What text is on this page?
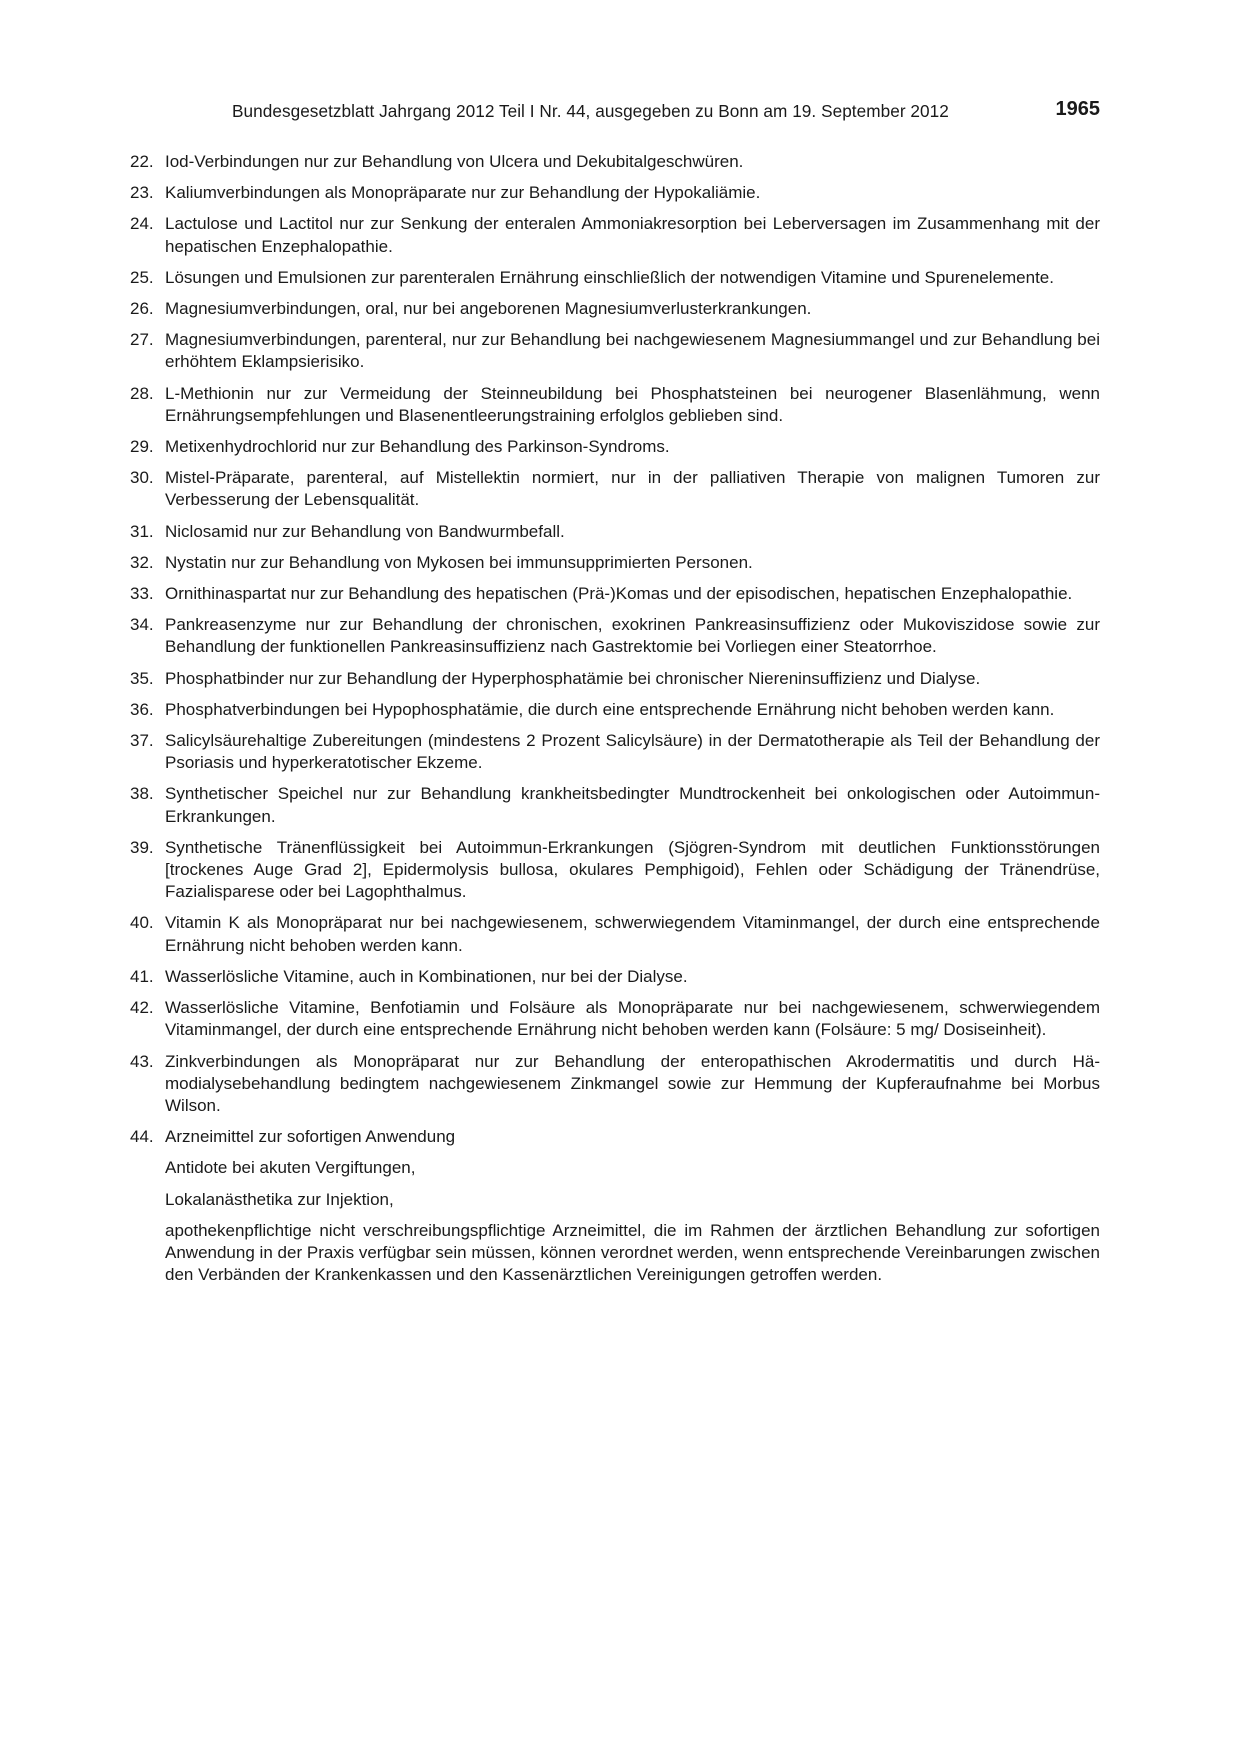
Bundesgesetzblatt Jahrgang 2012 Teil I Nr. 44, ausgegeben zu Bonn am 19. September 2012	1965
22. Iod-Verbindungen nur zur Behandlung von Ulcera und Dekubitalgeschwüren.
23. Kaliumverbindungen als Monopräparate nur zur Behandlung der Hypokaliämie.
24. Lactulose und Lactitol nur zur Senkung der enteralen Ammoniakresorption bei Leberversagen im Zusammenhang mit der hepatischen Enzephalopathie.
25. Lösungen und Emulsionen zur parenteralen Ernährung einschließlich der notwendigen Vitamine und Spurenelemente.
26. Magnesiumverbindungen, oral, nur bei angeborenen Magnesiumverlusterkrankungen.
27. Magnesiumverbindungen, parenteral, nur zur Behandlung bei nachgewiesenem Magnesiummangel und zur Behandlung bei erhöhtem Eklampsierisiko.
28. L-Methionin nur zur Vermeidung der Steinneubildung bei Phosphatsteinen bei neurogener Blasenlähmung, wenn Ernährungsempfehlungen und Blasenentleerungstraining erfolglos geblieben sind.
29. Metixenhydrochlorid nur zur Behandlung des Parkinson-Syndroms.
30. Mistel-Präparate, parenteral, auf Mistellektin normiert, nur in der palliativen Therapie von malignen Tumoren zur Verbesserung der Lebensqualität.
31. Niclosamid nur zur Behandlung von Bandwurmbefall.
32. Nystatin nur zur Behandlung von Mykosen bei immunsupprimierten Personen.
33. Ornithinaspartat nur zur Behandlung des hepatischen (Prä-)Komas und der episodischen, hepatischen Enzephalopathie.
34. Pankreasenzyme nur zur Behandlung der chronischen, exokrinen Pankreasinsuffizienz oder Mukoviszidose sowie zur Behandlung der funktionellen Pankreasinsuffizienz nach Gastrektomie bei Vorliegen einer Steatorrhoe.
35. Phosphatbinder nur zur Behandlung der Hyperphosphatämie bei chronischer Niereninsuffizienz und Dialyse.
36. Phosphatverbindungen bei Hypophosphatämie, die durch eine entsprechende Ernährung nicht behoben werden kann.
37. Salicylsäurehaltige Zubereitungen (mindestens 2 Prozent Salicylsäure) in der Dermatotherapie als Teil der Behandlung der Psoriasis und hyperkeratotischer Ekzeme.
38. Synthetischer Speichel nur zur Behandlung krankheitsbedingter Mundtrockenheit bei onkologischen oder Autoimmun-Erkrankungen.
39. Synthetische Tränenflüssigkeit bei Autoimmun-Erkrankungen (Sjögren-Syndrom mit deutlichen Funktionsstörungen [trockenes Auge Grad 2], Epidermolysis bullosa, okulares Pemphigoid), Fehlen oder Schädigung der Tränendrüse, Fazialisparese oder bei Lagophthalmus.
40. Vitamin K als Monopräparat nur bei nachgewiesenem, schwerwiegendem Vitaminmangel, der durch eine entsprechende Ernährung nicht behoben werden kann.
41. Wasserlösliche Vitamine, auch in Kombinationen, nur bei der Dialyse.
42. Wasserlösliche Vitamine, Benfotiamin und Folsäure als Monopräparate nur bei nachgewiesenem, schwerwiegendem Vitaminmangel, der durch eine entsprechende Ernährung nicht behoben werden kann (Folsäure: 5 mg/ Dosiseinheit).
43. Zinkverbindungen als Monopräparat nur zur Behandlung der enteropathischen Akrodermatitis und durch Hämodialysebehandlung bedingtem nachgewiesenem Zinkmangel sowie zur Hemmung der Kupferaufnahme bei Morbus Wilson.
44. Arzneimittel zur sofortigen Anwendung
Antidote bei akuten Vergiftungen,
Lokalanästhetika zur Injektion,
apothekenpflichtige nicht verschreibungspflichtige Arzneimittel, die im Rahmen der ärztlichen Behandlung zur sofortigen Anwendung in der Praxis verfügbar sein müssen, können verordnet werden, wenn entsprechende Vereinbarungen zwischen den Verbänden der Krankenkassen und den Kassenärztlichen Vereinigungen getroffen werden.
